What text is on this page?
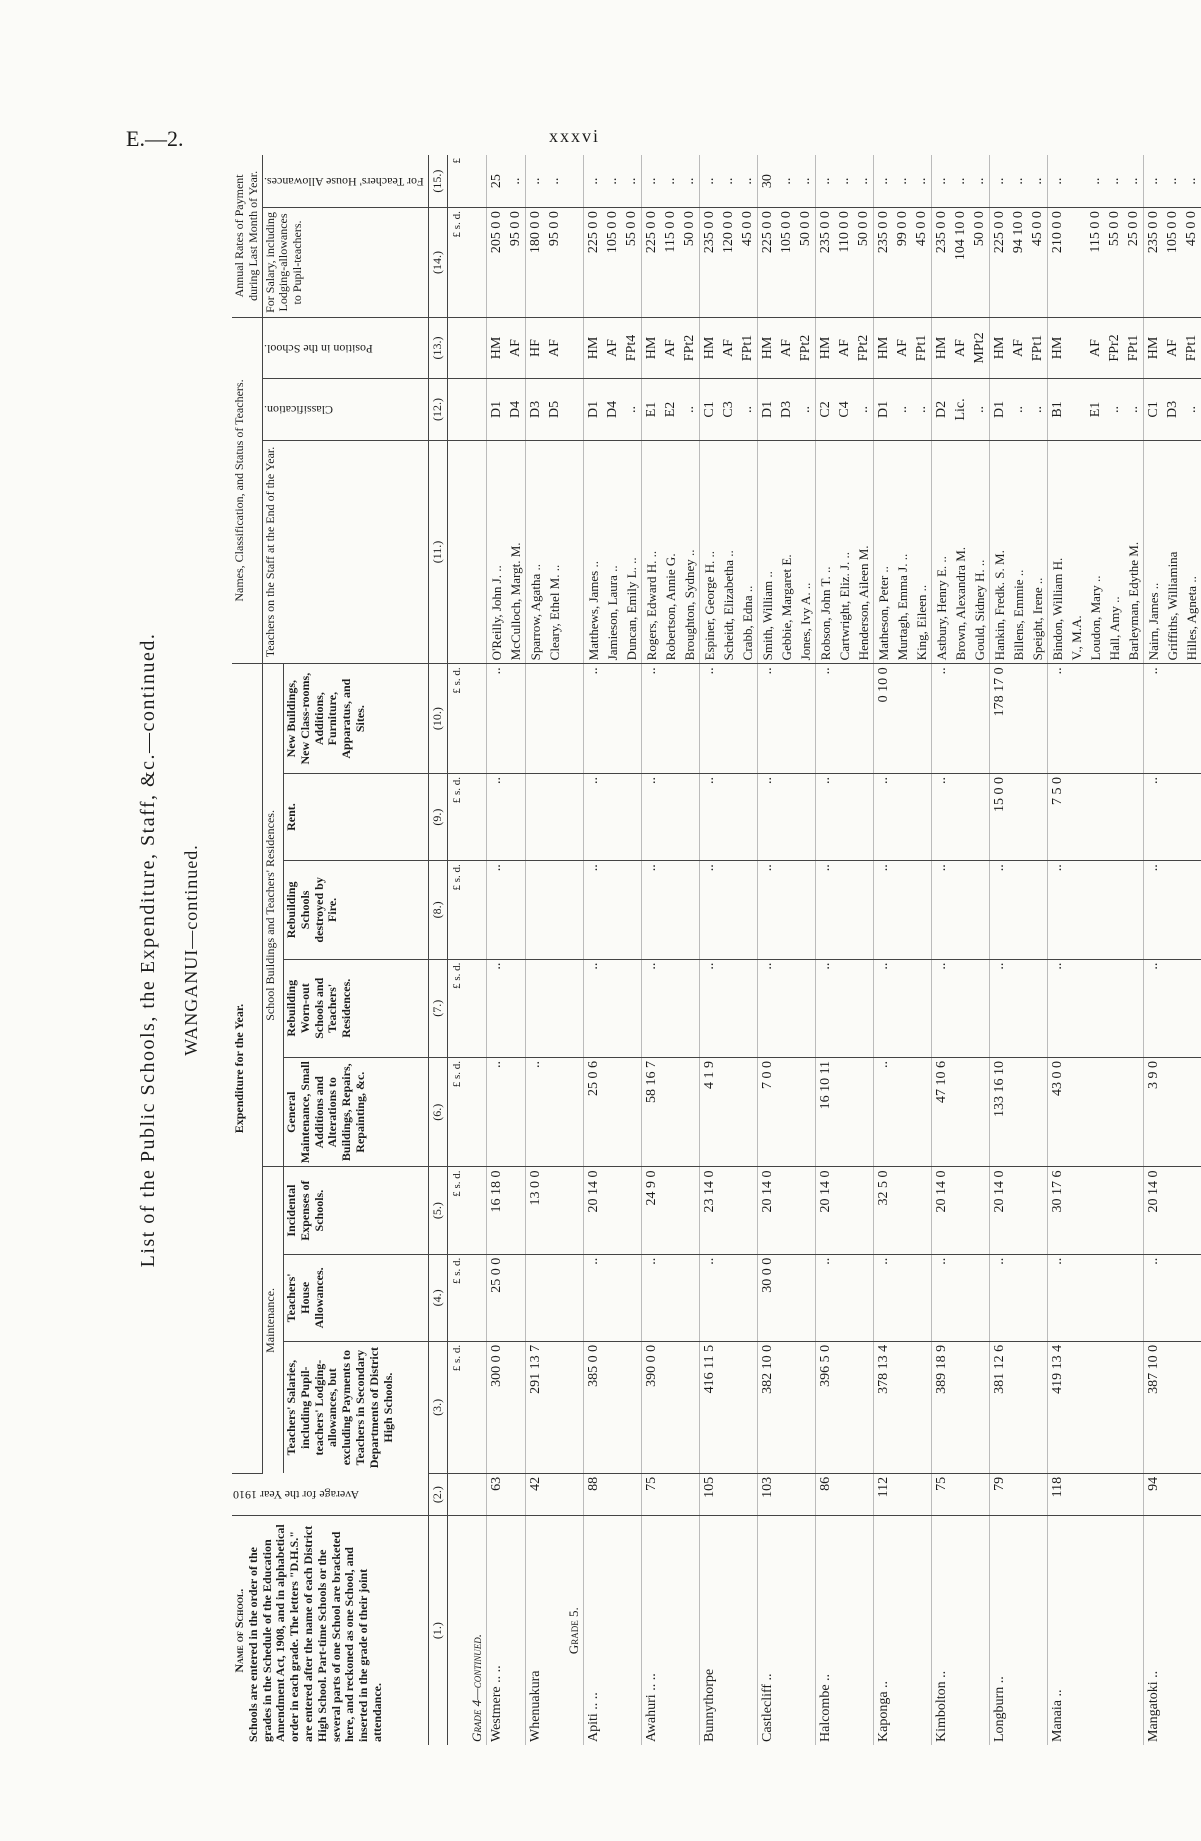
E.—2.	xxxvi
List of the Public Schools, the Expenditure, Staff, &c.—continued. WANGANUI—continued.
Name of School. Schools are entered in the order of the grades in the Schedule of the Education Amendment Act, 1908, and in alphabetical order in each grade. The letters "D.H.S." are entered after the name of each District High School. Part-time Schools or the several parts of one School are bracketed here, and reckoned as one School, and inserted in the grade of their joint attendance.	Average for the Year 1910	Expenditure for the Year.								Names, Classification, and Status of Teachers.			Annual Rates of Payment during Last Month of Year.	
		Maintenance.			School Buildings and Teachers' Residences.					Teachers on the Staff at the End of the Year.	Classification.	Position in the School.	For Salary, including Lodging-allowances to Pupil-teachers.	For Teachers' House Allowances.
		Teachers' Salaries, including Pupil-teachers' Lodging-allowances, but excluding Payments to Teachers in Secondary Departments of District High Schools.	Teachers' House Allowances.	Incidental Expenses of Schools.	General Maintenance, Small Additions and Alterations to Buildings, Repairs, Repainting, &c.	Rebuilding Worn-out Schools and Teachers' Residences.	Rebuilding Schools destroyed by Fire.	Rent.	New Buildings, New Class-rooms, Additions, Furniture, Apparatus, and Sites.					
(1.)	(2.)	(3.)	(4.)	(5.)	(6.)	(7.)	(8.)	(9.)	(10.)	(11.)	(12.)	(13.)	(14.)	(15.)
		£ s. d.	£ s. d.	£ s. d.	£ s. d.	£ s. d.	£ s. d.	£ s. d.	£ s. d.				£ s. d.	£
Grade 4—continued.														
Westmere .. ..	63	300 0 0	25 0 0	16 18 0	..	..	..	..	..	O'Reilly, John J. ..	D1	HM	205 0 0	25
										McCulloch, Margt. M.	D4	AF	95 0 0	..
Whenuakura	42	291 13 7		13 0 0	..					Sparrow, Agatha ..	D3	HF	180 0 0	..
										Cleary, Ethel M. ..	D5	AF	95 0 0	..
Grade 5.														
Apiti .. ..	88	385 0 0	..	20 14 0	25 0 6	..	..	..	..	Matthews, James ..	D1	HM	225 0 0	..
										Jamieson, Laura ..	D4	AF	105 0 0	..
										Duncan, Emily L. ..	..	FPt4	55 0 0	..
Awahuri .. ..	75	390 0 0	..	24 9 0	58 16 7	..	..	..	..	Rogers, Edward H. ..	E1	HM	225 0 0	..
										Robertson, Annie G.	E2	AF	115 0 0	..
										Broughton, Sydney ..	..	FPt2	50 0 0	..
Bunnythorpe	105	416 11 5	..	23 14 0	4 1 9	..	..	..	..	Espiner, George H. ..	C1	HM	235 0 0	..
										Scheidt, Elizabetha ..	C3	AF	120 0 0	..
										Crabb, Edna ..	..	FPt1	45 0 0	..
Castlecliff ..	103	382 10 0	30 0 0	20 14 0	7 0 0	..	..	..	..	Smith, William ..	D1	HM	225 0 0	30
										Gebbie, Margaret E.	D3	AF	105 0 0	..
										Jones, Ivy A. ..	..	FPt2	50 0 0	..
Halcombe ..	86	396 5 0	..	20 14 0	16 10 11	..	..	..	..	Robson, John T. ..	C2	HM	235 0 0	..
										Cartwright, Eliz. J. ..	C4	AF	110 0 0	..
										Henderson, Aileen M.	..	FPt2	50 0 0	..
Kaponga ..	112	378 13 4	..	32 5 0	..	..	..	..	0 10 0	Matheson, Peter ..	D1	HM	235 0 0	..
										Murtagh, Emma J. ..	..	AF	99 0 0	..
										King, Eileen ..	..	FPt1	45 0 0	..
Kimbolton ..	75	389 18 9	..	20 14 0	47 10 6	..	..	..	..	Astbury, Henry E. ..	D2	HM	235 0 0	..
										Brown, Alexandra M.	Lic.	AF	104 10 0	..
										Gould, Sidney H. ..	..	MPt2	50 0 0	..
Longburn ..	79	381 12 6	..	20 14 0	133 16 10	..	..	15 0 0	178 17 0	Hankin, Fredk. S. M.	D1	HM	225 0 0	..
										Billens, Emmie ..	..	AF	94 10 0	..
										Speight, Irene ..	..	FPt1	45 0 0	..
Manaia ..	118	419 13 4	..	30 17 6	43 0 0	..	..	7 5 0	..	Bindon, William H.	B1	HM	210 0 0	..
										V., M.A.				
										Loudon, Mary ..	E1	AF	115 0 0	..
										Hall, Amy ..	..	FPr2	55 0 0	..
										Barleyman, Edythe M.	..	FPt1	25 0 0	..
Mangatoki ..	94	387 10 0	..	20 14 0	3 9 0	..	..	..	..	Nairn, James ..	C1	HM	235 0 0	..
										Griffiths, Williamina	D3	AF	105 0 0	..
										Hilles, Agneta ..	..	FPt1	45 0 0	..
